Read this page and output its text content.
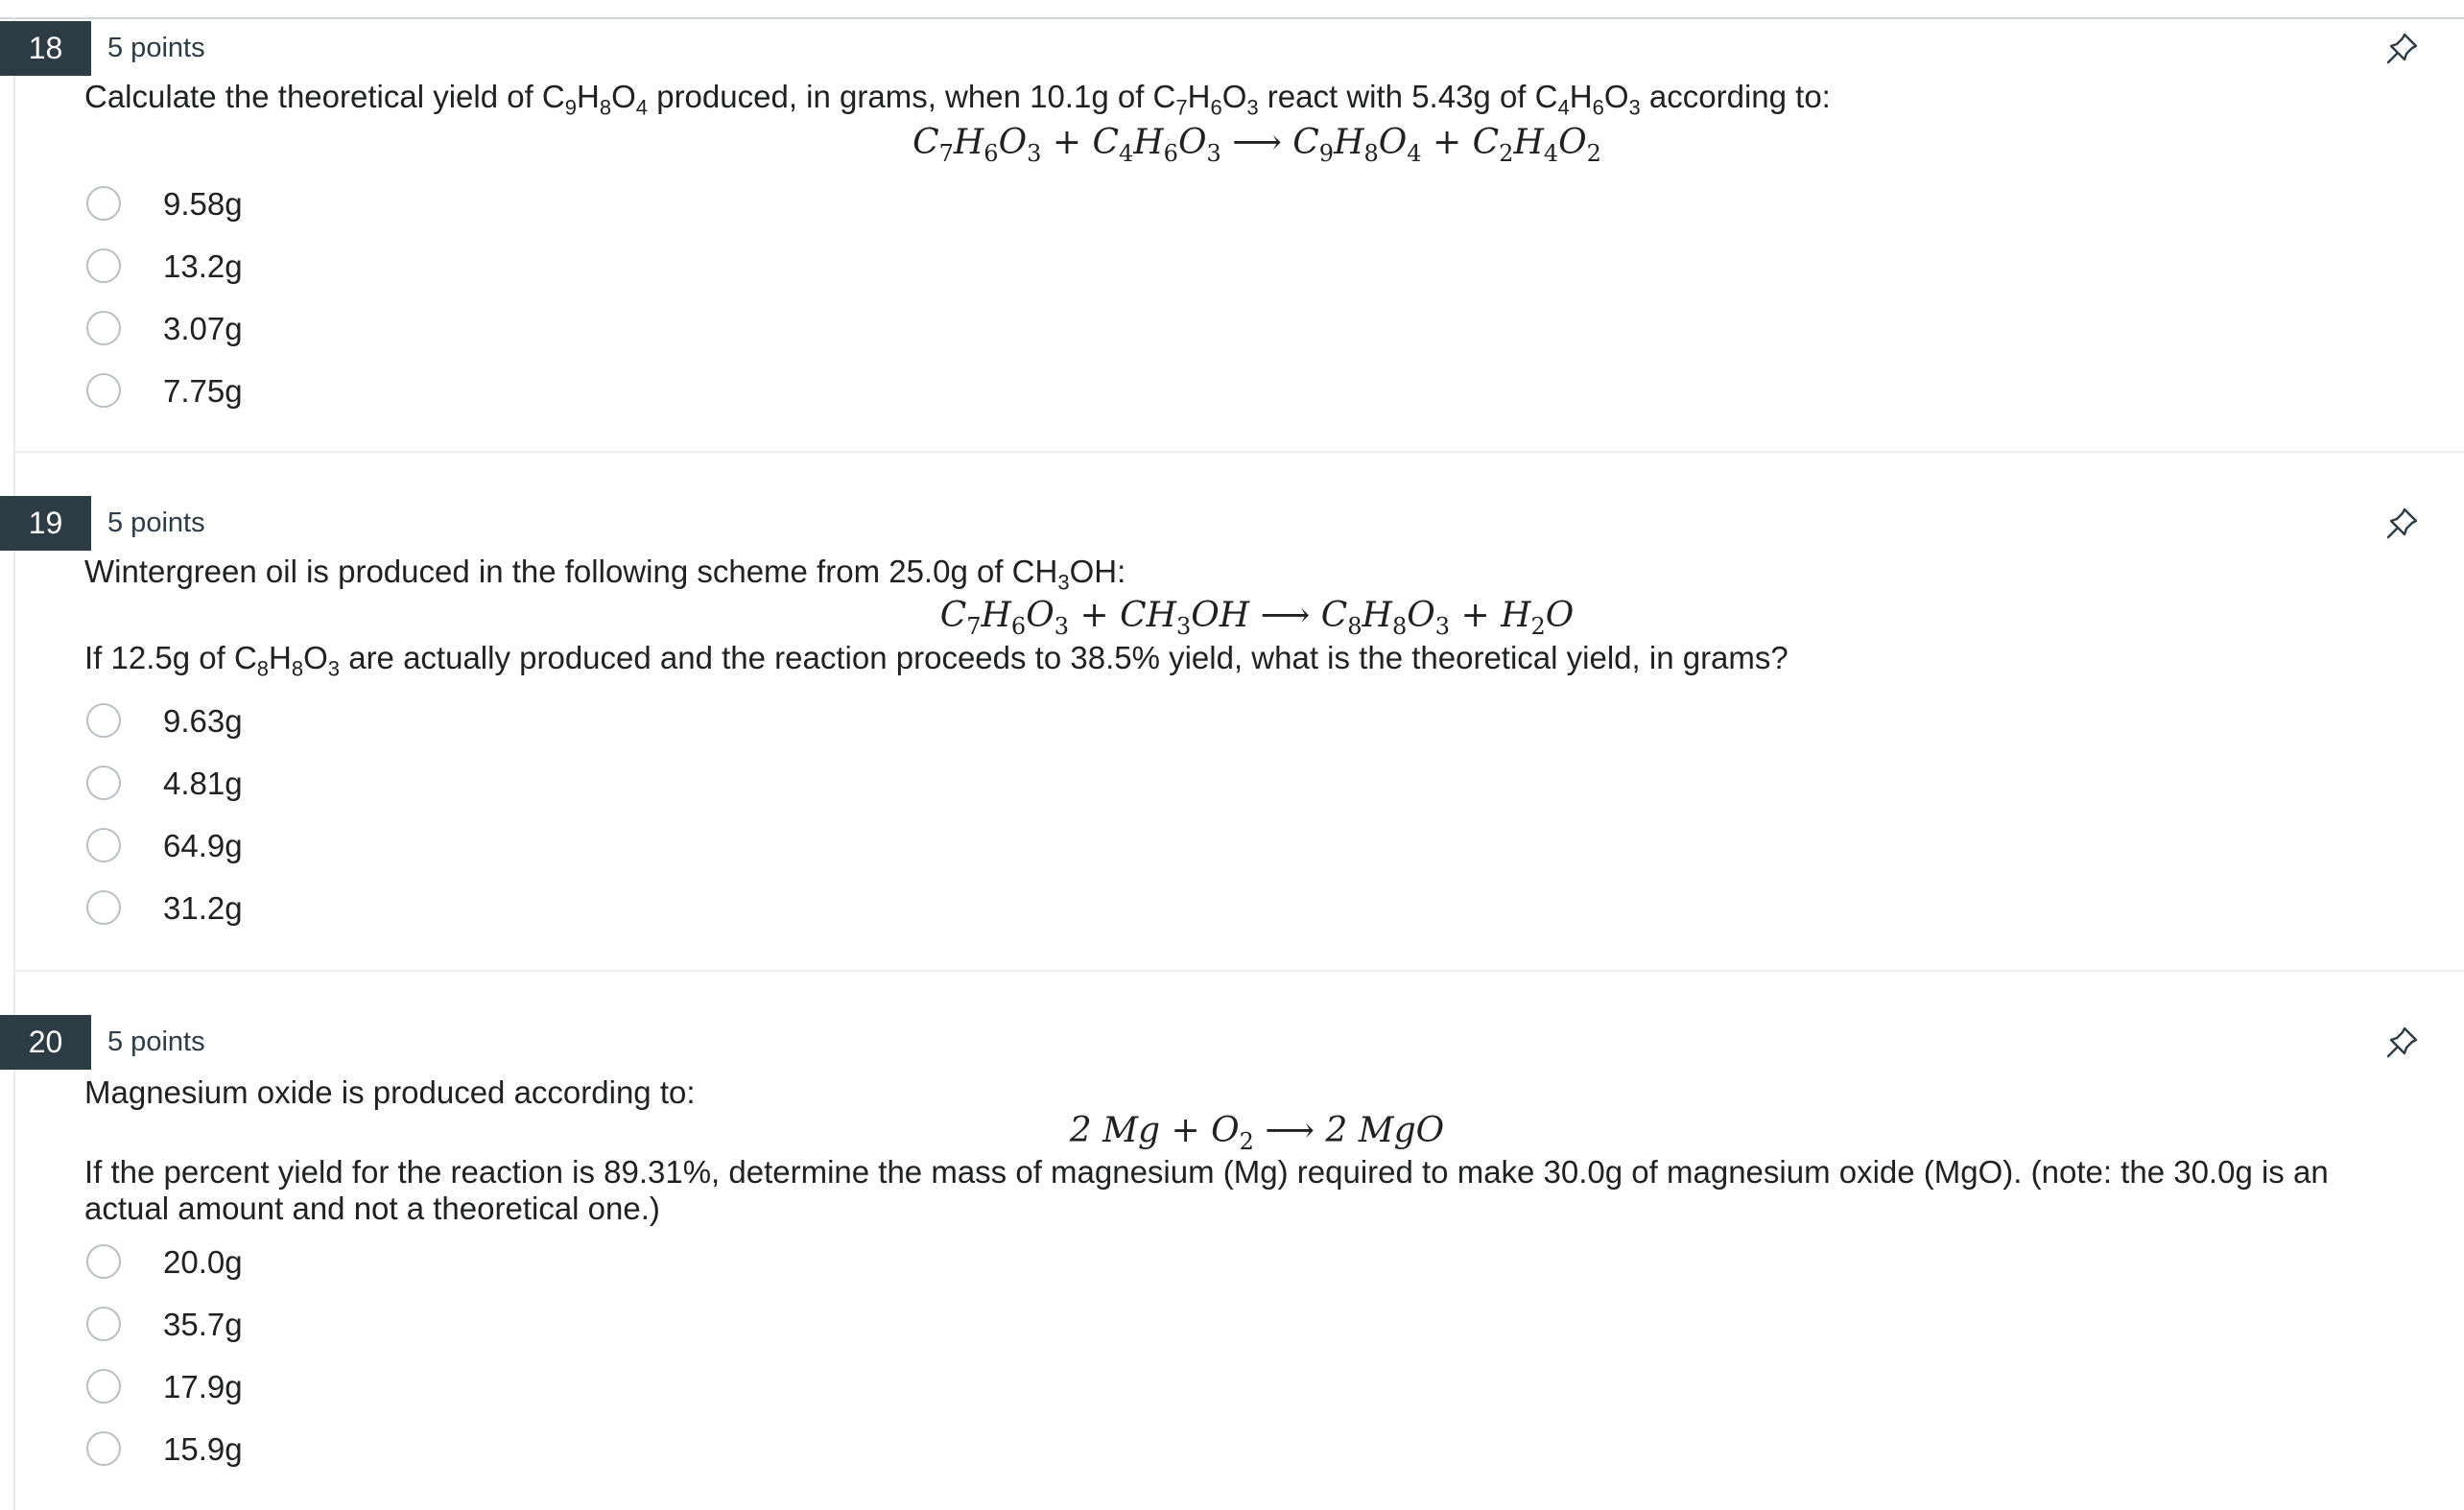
18	5 points
Calculate the theoretical yield of $C_9H_8O_4$ produced, in grams, when 10.1g of $C_7H_6O_3$ react with 5.43g of $C_4H_6O_3$ according to:
$C_7H_6O_3 + C_4H_6O_3$ ⟶ $C_9H_8O_4 + C_2H_4O_2$
9.58g
13.2g
3.07g
7.75g
19	5 points
Wintergreen oil is produced in the following scheme from 25.0g of $CH_3OH$:
$C_7H_6O_3 + CH_3OH$ ⟶ $C_8H_8O_3 + H_2O$
If 12.5g of $C_8H_8O_3$ are actually produced and the reaction proceeds to 38.5% yield, what is the theoretical yield, in grams?
9.63g
4.81g
64.9g
31.2g
20	5 points
Magnesium oxide is produced according to:
2 $Mg + O_2$ ⟶ 2 MgO
If the percent yield for the reaction is 89.31%, determine the mass of magnesium (Mg) required to make 30.0g of magnesium oxide (MgO). (note: the 30.0g is an actual amount and not a theoretical one.)
20.0g
35.7g
17.9g
15.9g
